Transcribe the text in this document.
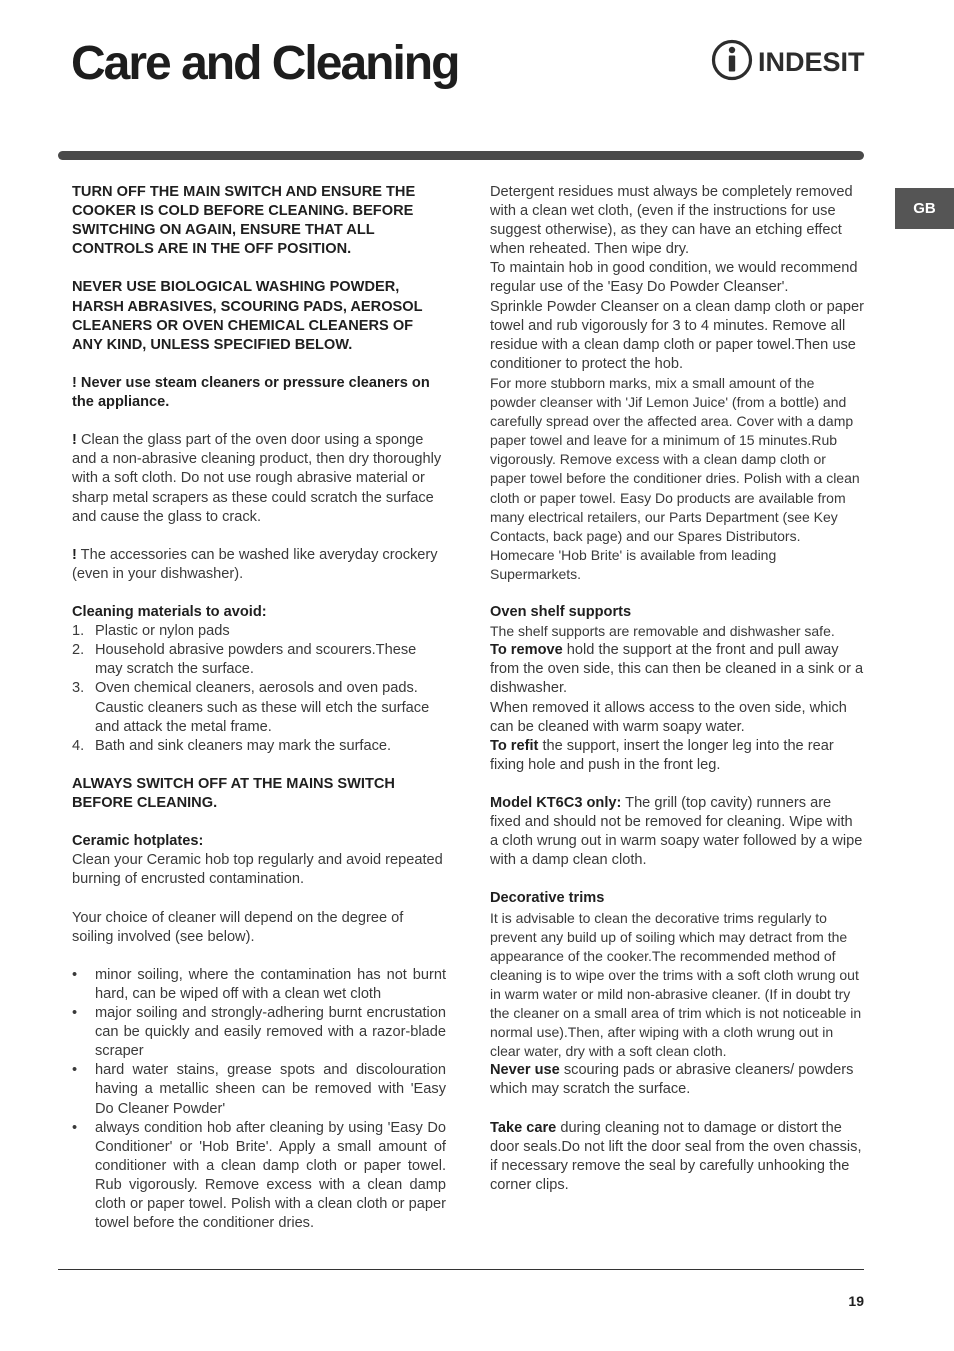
Care and Cleaning	INDESIT
GB

TURN OFF THE MAIN SWITCH AND ENSURE THE COOKER IS COLD BEFORE CLEANING. BEFORE SWITCHING ON AGAIN, ENSURE THAT ALL CONTROLS ARE IN THE OFF POSITION.

NEVER USE BIOLOGICAL WASHING POWDER, HARSH ABRASIVES, SCOURING PADS, AEROSOL CLEANERS OR OVEN CHEMICAL CLEANERS OF ANY KIND, UNLESS SPECIFIED BELOW.

! Never use steam cleaners or pressure cleaners on the appliance.

! Clean the glass part of the oven door using a sponge and a non-abrasive cleaning product, then dry thoroughly with a soft cloth. Do not use rough abrasive material or sharp metal scrapers as these could scratch the surface and cause the glass to crack.

! The accessories can be washed like averyday crockery (even in your dishwasher).

Cleaning materials to avoid:

1. Plastic or nylon pads
2. Household abrasive powders and scourers.These may scratch the surface.
3. Oven chemical cleaners, aerosols and oven pads. Caustic cleaners such as these will etch the surface and attack the metal frame.
4. Bath and sink cleaners may mark the surface.

ALWAYS SWITCH OFF AT THE MAINS SWITCH BEFORE CLEANING.

Ceramic hotplates:

Clean your Ceramic hob top regularly and avoid repeated burning of encrusted contamination.

Your choice of cleaner will depend on the degree of soiling involved (see below).

• minor soiling, where the contamination has not burnt hard, can be wiped off with a clean wet cloth
• major soiling and strongly-adhering burnt encrustation can be quickly and easily removed with a razor-blade scraper
• hard water stains, grease spots and discolouration having a metallic sheen can be removed with 'Easy Do Cleaner Powder'
• always condition hob after cleaning by using 'Easy Do Conditioner' or 'Hob Brite'. Apply a small amount of conditioner with a clean damp cloth or paper towel. Rub vigorously. Remove excess with a clean damp cloth or paper towel. Polish with a clean cloth or paper towel before the conditioner dries.

Detergent residues must always be completely removed with a clean wet cloth, (even if the instructions for use suggest otherwise), as they can have an etching effect when reheated. Then wipe dry.

To maintain hob in good condition, we would recommend regular use of the 'Easy Do Powder Cleanser'.

Sprinkle Powder Cleanser on a clean damp cloth or paper towel and rub vigorously for 3 to 4 minutes. Remove all residue with a clean damp cloth or paper towel.Then use conditioner to protect the hob.

For more stubborn marks, mix a small amount of the powder cleanser with 'Jif Lemon Juice' (from a bottle) and carefully spread over the affected area. Cover with a damp paper towel and leave for a minimum of 15 minutes.Rub vigorously. Remove excess with a clean damp cloth or paper towel before the conditioner dries. Polish with a clean cloth or paper towel. Easy Do products are available from many electrical retailers, our Parts Department (see Key Contacts, back page) and our Spares Distributors. Homecare 'Hob Brite' is available from leading Supermarkets.

Oven shelf supports

The shelf supports are removable and dishwasher safe.

To remove hold the support at the front and pull away from the oven side, this can then be cleaned in a sink or a dishwasher.

When removed it allows access to the oven side, which can be cleaned with warm soapy water.

To refit the support, insert the longer leg into the rear fixing hole and push in the front leg.

Model KT6C3 only: The grill (top cavity) runners are fixed and should not be removed for cleaning. Wipe with a cloth wrung out in warm soapy water followed by a wipe with a damp clean cloth.

Decorative trims

It is advisable to clean the decorative trims regularly to prevent any build up of soiling which may detract from the appearance of the cooker.The recommended method of cleaning is to wipe over the trims with a soft cloth wrung out in warm water or mild non-abrasive cleaner. (If in doubt try the cleaner on a small area of trim which is not noticeable in normal use).Then, after wiping with a cloth wrung out in clear water, dry with a soft clean cloth.

Never use scouring pads or abrasive cleaners/ powders which may scratch the surface.

Take care during cleaning not to damage or distort the door seals.Do not lift the door seal from the oven chassis, if necessary remove the seal by carefully unhooking the corner clips.

19
